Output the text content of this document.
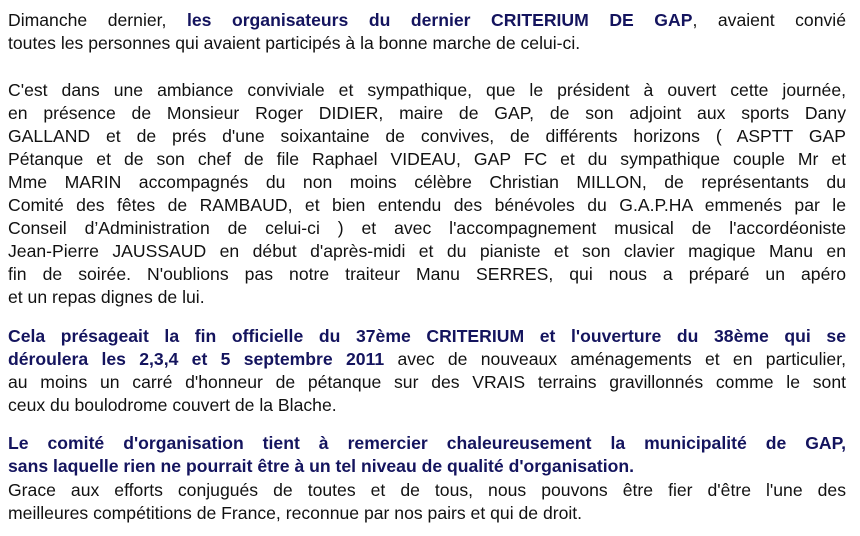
Dimanche dernier, les organisateurs du dernier CRITERIUM DE GAP, avaient convié
toutes les personnes qui avaient participés à la bonne marche de celui-ci.
C'est dans une ambiance conviviale et sympathique, que le président à ouvert cette journée,
en présence de Monsieur Roger DIDIER, maire de GAP, de son adjoint aux sports Dany
GALLAND et de prés d'une soixantaine de convives, de différents horizons ( ASPTT GAP
Pétanque et de son chef de file Raphael VIDEAU, GAP FC et du sympathique couple Mr et
Mme MARIN accompagnés du non moins célèbre Christian MILLON, de représentants du
Comité des fêtes de RAMBAUD, et bien entendu des bénévoles du G.A.P.HA emmenés par le
Conseil d’Administration de celui-ci ) et avec l'accompagnement musical de l'accordéoniste
Jean-Pierre JAUSSAUD en début d'après-midi et du pianiste et son clavier magique Manu en
fin de soirée. N'oublions pas notre traiteur Manu SERRES, qui nous a préparé un apéro
et un repas dignes de lui.
Cela présageait la fin officielle du 37ème CRITERIUM et l'ouverture du 38ème qui se
déroulera les 2,3,4 et 5 septembre 2011 avec de nouveaux aménagements et en particulier,
au moins un carré d'honneur de pétanque sur des VRAIS terrains gravillonnés comme le sont
ceux du boulodrome couvert de la Blache.
Le comité d'organisation tient à remercier chaleureusement la municipalité de GAP,
sans laquelle rien ne pourrait être à un tel niveau de qualité d'organisation.
Grace aux efforts conjugués de toutes et de tous, nous pouvons être fier d'être l'une des
meilleures compétitions de France, reconnue par nos pairs et qui de droit.
